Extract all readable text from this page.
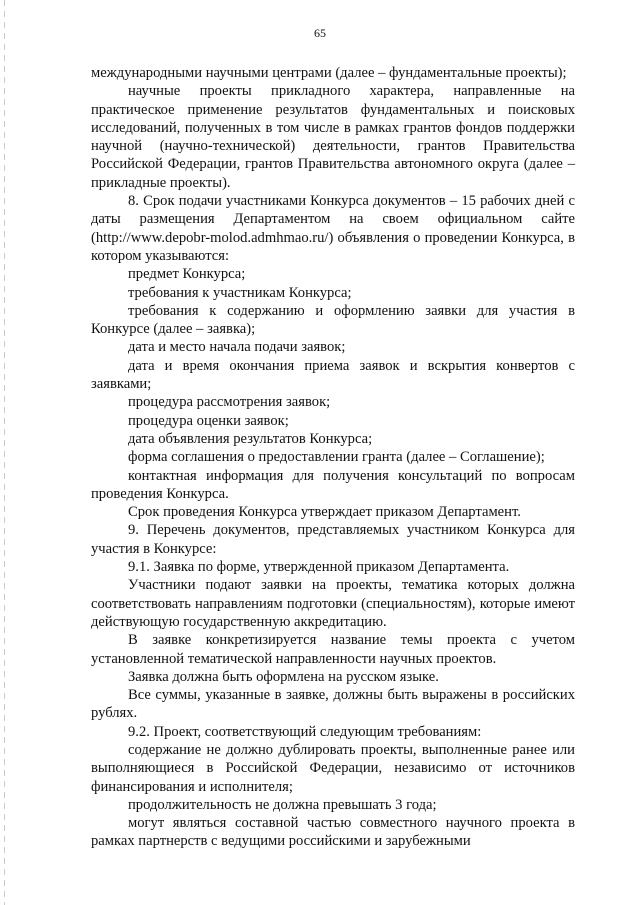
65

международными научными центрами (далее – фундаментальные проекты);

научные проекты прикладного характера, направленные на практическое применение результатов фундаментальных и поисковых исследований, полученных в том числе в рамках грантов фондов поддержки научной (научно-технической) деятельности, грантов Правительства Российской Федерации, грантов Правительства автономного округа (далее – прикладные проекты).

8. Срок подачи участниками Конкурса документов – 15 рабочих дней с даты размещения Департаментом на своем официальном сайте (http://www.depobr-molod.admhmao.ru/) объявления о проведении Конкурса, в котором указываются:

предмет Конкурса;

требования к участникам Конкурса;

требования к содержанию и оформлению заявки для участия в Конкурсе (далее – заявка);

дата и место начала подачи заявок;

дата и время окончания приема заявок и вскрытия конвертов с заявками;

процедура рассмотрения заявок;

процедура оценки заявок;

дата объявления результатов Конкурса;

форма соглашения о предоставлении гранта (далее – Соглашение);

контактная информация для получения консультаций по вопросам проведения Конкурса.

Срок проведения Конкурса утверждает приказом Департамент.

9. Перечень документов, представляемых участником Конкурса для участия в Конкурсе:

9.1. Заявка по форме, утвержденной приказом Департамента.

Участники подают заявки на проекты, тематика которых должна соответствовать направлениям подготовки (специальностям), которые имеют действующую государственную аккредитацию.

В заявке конкретизируется название темы проекта с учетом установленной тематической направленности научных проектов.

Заявка должна быть оформлена на русском языке.

Все суммы, указанные в заявке, должны быть выражены в российских рублях.

9.2. Проект, соответствующий следующим требованиям:

содержание не должно дублировать проекты, выполненные ранее или выполняющиеся в Российской Федерации, независимо от источников финансирования и исполнителя;

продолжительность не должна превышать 3 года;

могут являться составной частью совместного научного проекта в рамках партнерств с ведущими российскими и зарубежными
